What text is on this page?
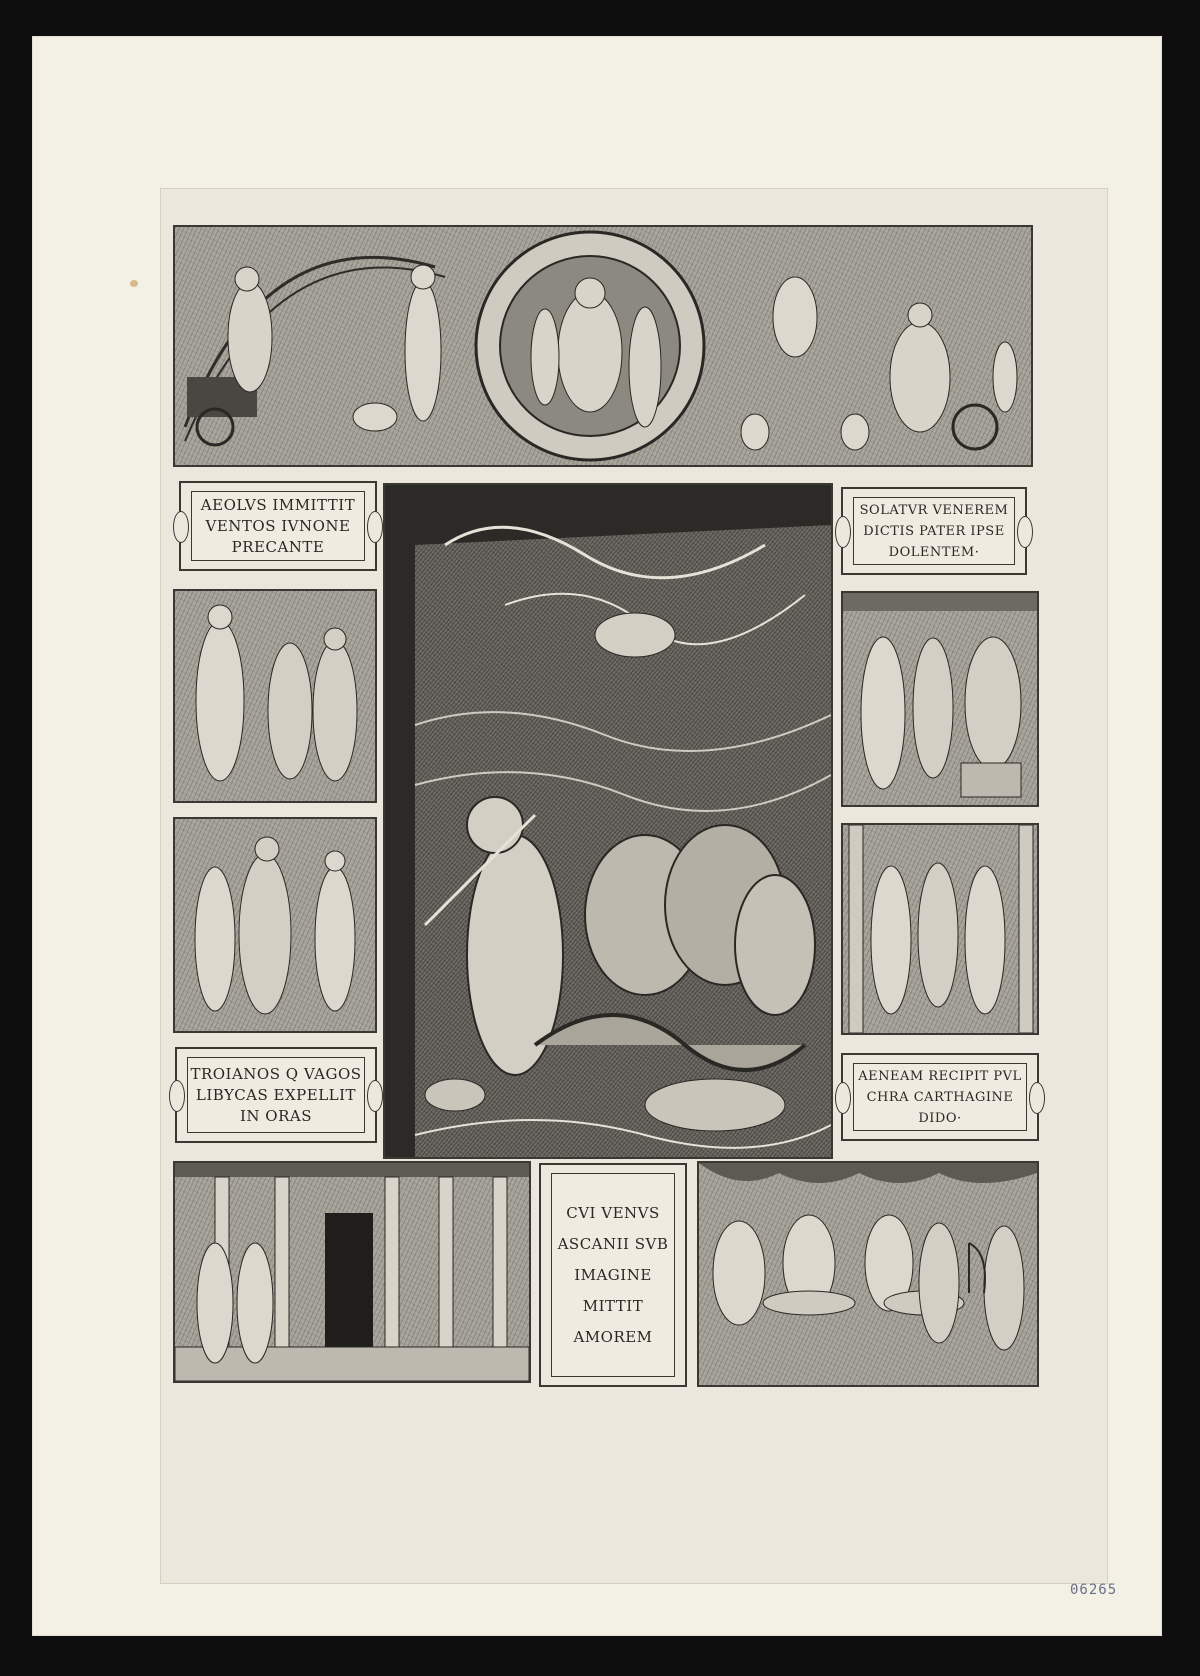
AEOLVS IMMITTIT
VENTOS IVNONE
PRECANTE
SOLATVR VENEREM
DICTIS PATER IPSE
DOLENTEM·
TROIANOS Q VAGOS
LIBYCAS EXPELLIT
IN ORAS
AENEAM RECIPIT PVL
CHRA CARTHAGINE
DIDO·
CVI VENVS
ASCANII SVB
IMAGINE
MITTIT
AMOREM
06265
